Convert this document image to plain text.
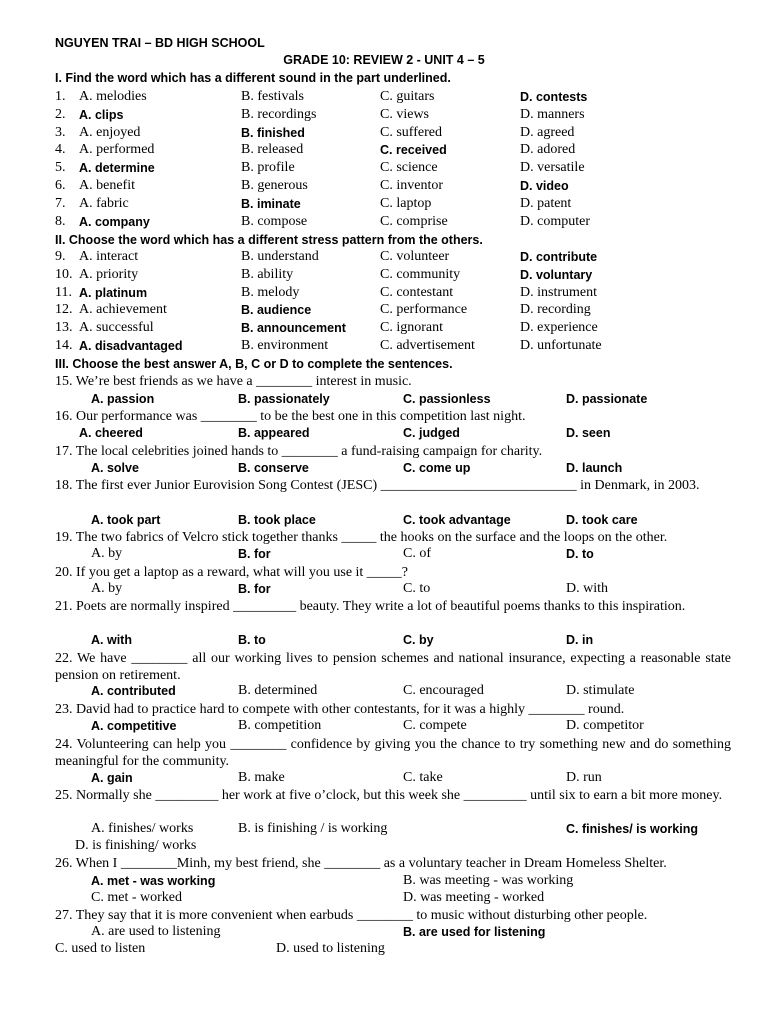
NGUYEN TRAI – BD HIGH SCHOOL
GRADE 10: REVIEW 2 - UNIT 4 – 5
I. Find the word which has a different sound in the part underlined.
1. A. melodies	B. festivals	C. guitars	D. contests
2. A. clips	B. recordings	C. views	D. manners
3. A. enjoyed	B. finished	C. suffered	D. agreed
4. A. performed	B. released	C. received	D. adored
5. A. determine	B. profile	C. science	D. versatile
6. A. benefit	B. generous	C. inventor	D. video
7. A. fabric	B. iminate	C. laptop	D. patent
8. A. company	B. compose	C. comprise	D. computer
II. Choose the word which has a different stress pattern from the others.
9. A. interact	B. understand	C. volunteer	D. contribute
10. A. priority	B. ability	C. community	D. voluntary
11. A. platinum	B. melody	C. contestant	D. instrument
12. A. achievement	B. audience	C. performance	D. recording
13. A. successful	B. announcement C. ignorant	D. experience
14. A. disadvantaged	B. environment	C. advertisement	D. unfortunate
III. Choose the best answer A, B, C or D to complete the sentences.
15. We’re best friends as we have a ________ interest in music.
A. passion	B. passionately	C. passionless	D. passionate
16. Our performance was ________ to be the best one in this competition last night.
A. cheered	B. appeared	C. judged	D. seen
17. The local celebrities joined hands to ________ a fund-raising campaign for charity.
A. solve	B. conserve	C. come up	D. launch
18. The first ever Junior Eurovision Song Contest (JESC) ____________________________ in Denmark, in 2003.
A. took part	B. took place	C. took advantage	D. took care
19. The two fabrics of Velcro stick together thanks _____ the hooks on the surface and the loops on the other.
A. by	B. for	C. of	D. to
20. If you get a laptop as a reward, what will you use it _____?
A. by	B. for	C. to	D. with
21. Poets are normally inspired _________ beauty. They write a lot of beautiful poems thanks to this inspiration.
A. with	B. to	C. by	D. in
22. We have ________ all our working lives to pension schemes and national insurance, expecting a reasonable state pension on retirement.
A. contributed	B. determined	C. encouraged	D. stimulate
23. David had to practice hard to compete with other contestants, for it was a highly ________ round.
A. competitive	B. competition	C. compete	D. competitor
24. Volunteering can help you ________ confidence by giving you the chance to try something new and do something meaningful for the community.
A. gain	B. make	C. take	D. run
25. Normally she _________ her work at five o’clock, but this week she _________ until six to earn a bit more money.
A. finishes/ works	B. is finishing / is working	C. finishes/ is working
D. is finishing/ works
26. When I ________Minh, my best friend, she ________ as a voluntary teacher in Dream Homeless Shelter.
A. met - was working	B. was meeting - was working
C. met - worked	D. was meeting - worked
27. They say that it is more convenient when earbuds ________ to music without disturbing other people.
A. are used to listening	B. are used for listening
C. used to listen	D. used to listening
